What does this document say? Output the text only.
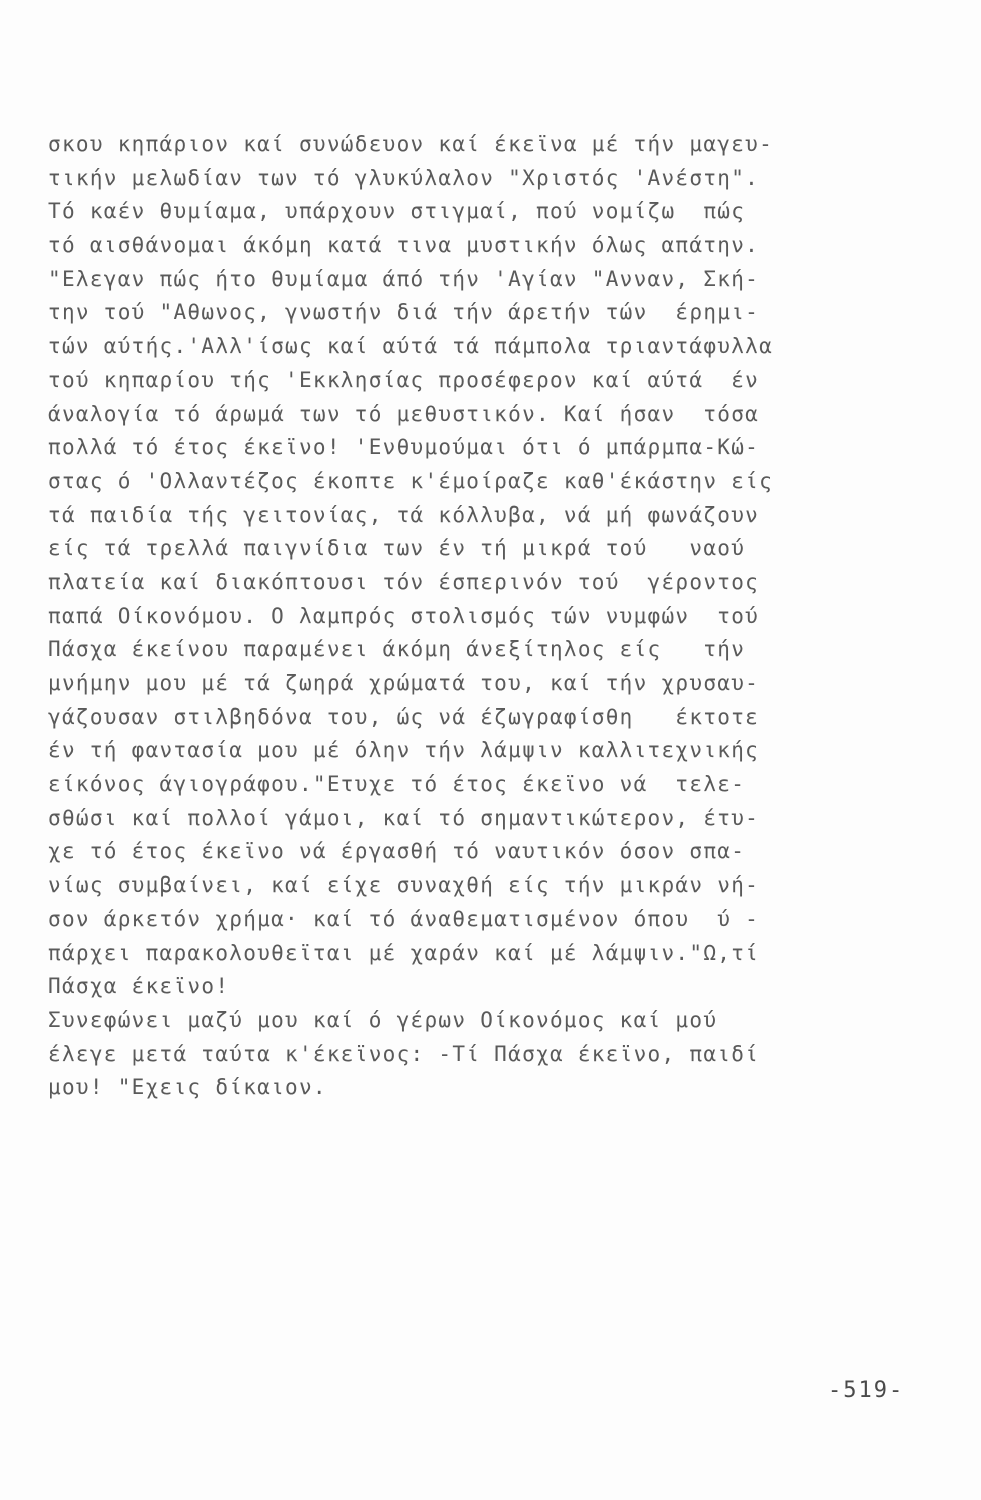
σκου κηπάριον καί συνώδευον καί έκεϊνα μέ τήν μαγευ-
τικήν μελωδίαν των τό γλυκύλαλον "Χριστός 'Ανέστη".
Τό καέν θυμίαμα, υπάρχουν στιγμαί, πού νομίζω  πώς
τό αισθάνομαι άκόμη κατά τινα μυστικήν όλως απάτην.
"Ελεγαν πώς ήτο θυμίαμα άπό τήν 'Αγίαν "Ανναν, Σκή-
την τού "Αθωνος, γνωστήν διά τήν άρετήν τών  έρημι-
τών αύτής.'Αλλ'ίσως καί αύτά τά πάμπολα τριαντάφυλλα
τού κηπαρίου τής 'Εκκλησίας προσέφερον καί αύτά  έν
άναλογία τό άρωμά των τό μεθυστικόν. Καί ήσαν  τόσα
πολλά τό έτος έκεϊνο! 'Ενθυμούμαι ότι ό μπάρμπα-Κώ-
στας ό 'Ολλαντέζος έκοπτε κ'έμοίραζε καθ'έκάστην είς
τά παιδία τής γειτονίας, τά κόλλυβα, νά μή φωνάζουν
είς τά τρελλά παιγνίδια των έν τή μικρά τού   ναού
πλατεία καί διακόπτουσι τόν έσπερινόν τού  γέροντος
παπά Οίκονόμου. Ο λαμπρός στολισμός τών νυμφών  τού
Πάσχα έκείνου παραμένει άκόμη άνεξίτηλος είς   τήν
μνήμην μου μέ τά ζωηρά χρώματά του, καί τήν χρυσαυ-
γάζουσαν στιλβηδόνα του, ώς νά έζωγραφίσθη   έκτοτε
έν τή φαντασία μου μέ όλην τήν λάμψιν καλλιτεχνικής
είκόνος άγιογράφου."Ετυχε τό έτος έκεϊνο νά  τελε-
σθώσι καί πολλοί γάμοι, καί τό σημαντικώτερον, έτυ-
χε τό έτος έκεϊνο νά έργασθή τό ναυτικόν όσον σπα-
νίως συμβαίνει, καί είχε συναχθή είς τήν μικράν νή-
σον άρκετόν χρήμα· καί τό άναθεματισμένον όπου  ύ -
πάρχει παρακολουθεϊται μέ χαράν καί μέ λάμψιν."Ω,τί
Πάσχα έκεϊνο!
Συνεφώνει μαζύ μου καί ό γέρων Οίκονόμος καί μού
έλεγε μετά ταύτα κ'έκεϊνος: -Τί Πάσχα έκεϊνο, παιδί
μου! "Εχεις δίκαιον.
-519-
